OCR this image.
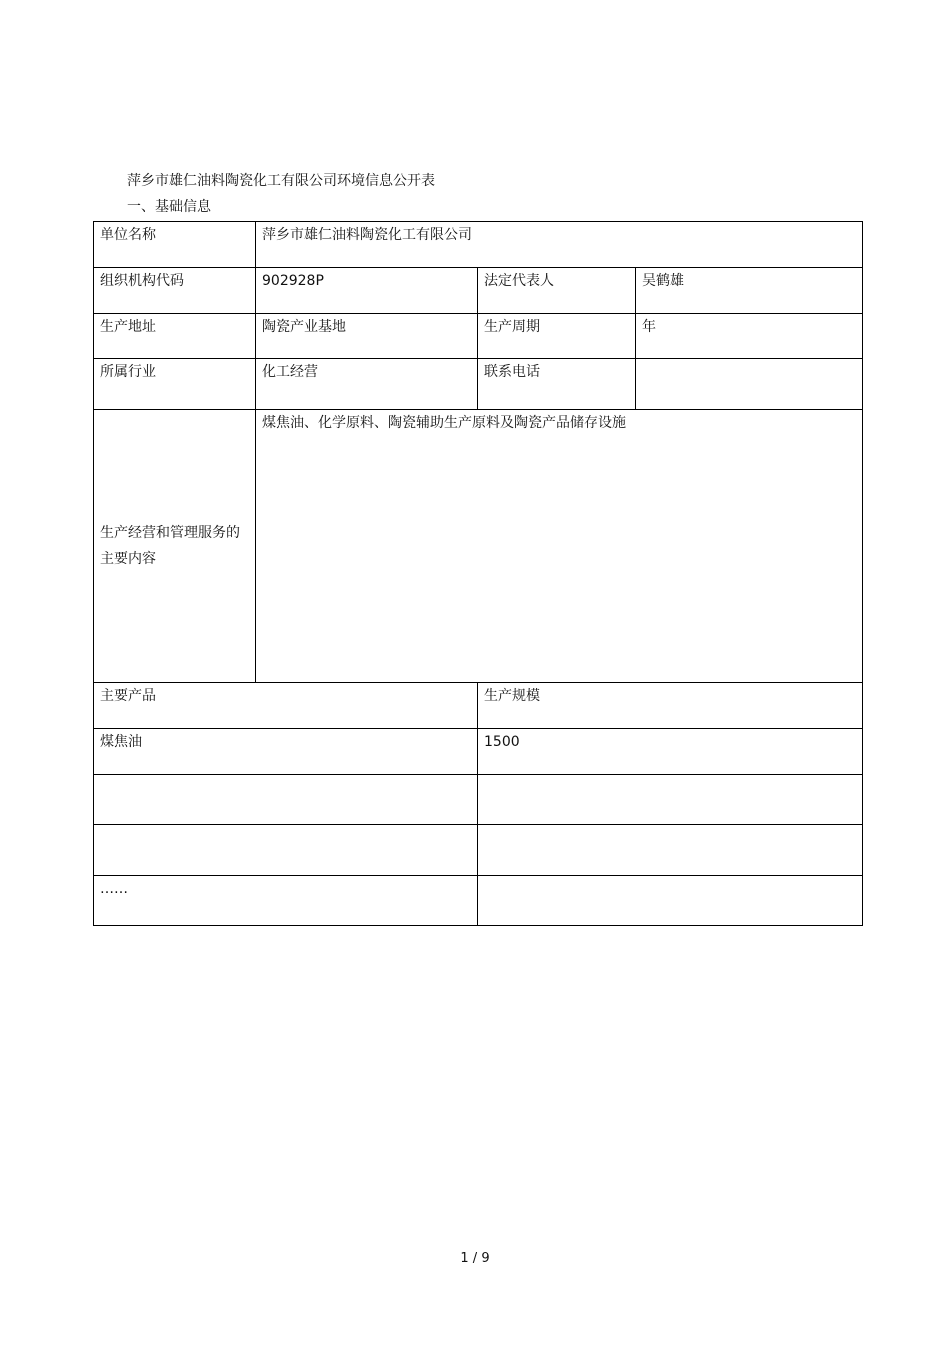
萍乡市雄仁油料陶瓷化工有限公司环境信息公开表
一、基础信息
单位名称	萍乡市雄仁油料陶瓷化工有限公司		
组织机构代码	902928P	法定代表人	吴鹤雄
生产地址	陶瓷产业基地	生产周期	年
所属行业	化工经营	联系电话	
生产经营和管理服务的主要内容	煤焦油、化学原料、陶瓷辅助生产原料及陶瓷产品储存设施		
主要产品		生产规模	
煤焦油		1500	

……			
1 / 9
